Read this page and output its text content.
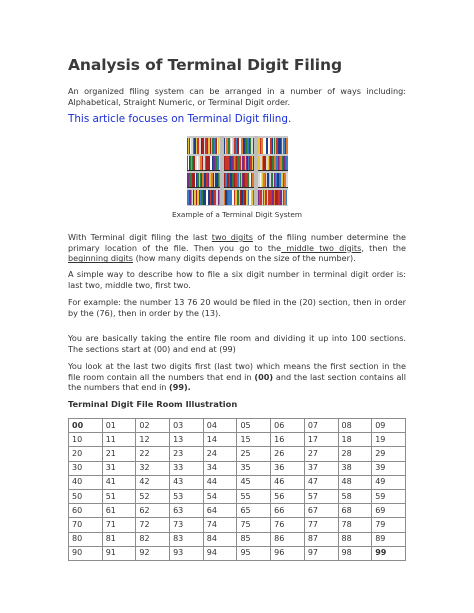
Analysis of Terminal Digit Filing

An organized filing system can be arranged in a number of ways including: Alphabetical, Straight Numeric, or Terminal Digit order.

This article focuses on Terminal Digit filing.
Example of a Terminal Digit System

With Terminal digit filing the last two digits of the filing number determine the primary location of the file. Then you go to the middle two digits, then the beginning digits (how many digits depends on the size of the number).

A simple way to describe how to file a six digit number in terminal digit order is: last two, middle two, first two.

For example: the number 13 76 20 would be filed in the (20) section, then in order by the (76), then in order by the (13).

You are basically taking the entire file room and dividing it up into 100 sections. The sections start at (00) and end at (99)

You look at the last two digits first (last two) which means the first section in the file room contain all the numbers that end in (00) and the last section contains all the numbers that end in (99).

Terminal Digit File Room Illustration
00	01	02	03	04	05	06	07	08	09
10	11	12	13	14	15	16	17	18	19
20	21	22	23	24	25	26	27	28	29
30	31	32	33	34	35	36	37	38	39
40	41	42	43	44	45	46	47	48	49
50	51	52	53	54	55	56	57	58	59
60	61	62	63	64	65	66	67	68	69
70	71	72	73	74	75	76	77	78	79
80	81	82	83	84	85	86	87	88	89
90	91	92	93	94	95	96	97	98	99
